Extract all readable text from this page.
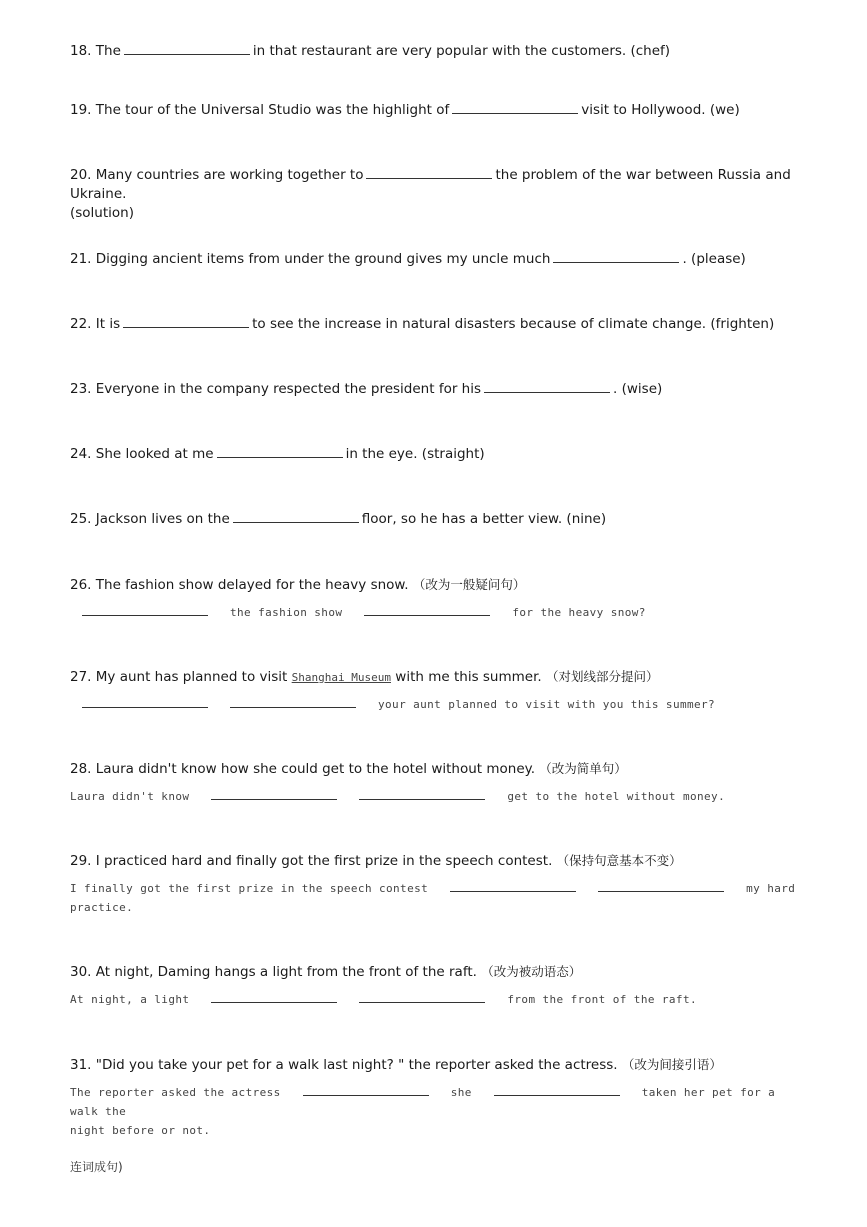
18. The	in that restaurant are very popular with the customers. (chef)
19. The tour of the Universal Studio was the highlight of	visit to Hollywood. (we)
20. Many countries are working together to	the problem of the war between Russia and Ukraine.
(solution)
21. Digging ancient items from under the ground gives my uncle much	. (please)
22. It is	to see the increase in natural disasters because of climate change. (frighten)
23. Everyone in the company respected the president for his	. (wise)
24. She looked at me	in the eye. (straight)
25. Jackson lives on the	floor, so he has a better view. (nine)
26. The fashion show delayed for the heavy snow. （改为一般疑问句）
the fashion show	for the heavy snow?
27. My aunt has planned to visit Shanghai Museum with me this summer. （对划线部分提问）
your aunt planned to visit with you this summer?
28. Laura didn't know how she could get to the hotel without money. （改为简单句）
Laura didn't know	get to the hotel without money.
29. I practiced hard and finally got the first prize in the speech contest. （保持句意基本不变）
I finally got the first prize in the speech contest	my hard
practice.
30. At night, Daming hangs a light from the front of the raft. （改为被动语态）
At night, a light	from the front of the raft.
31. "Did you take your pet for a walk last night? " the reporter asked the actress. （改为间接引语）
The reporter asked the actress	she	taken her pet for a walk the
night before or not.
连词成句)
